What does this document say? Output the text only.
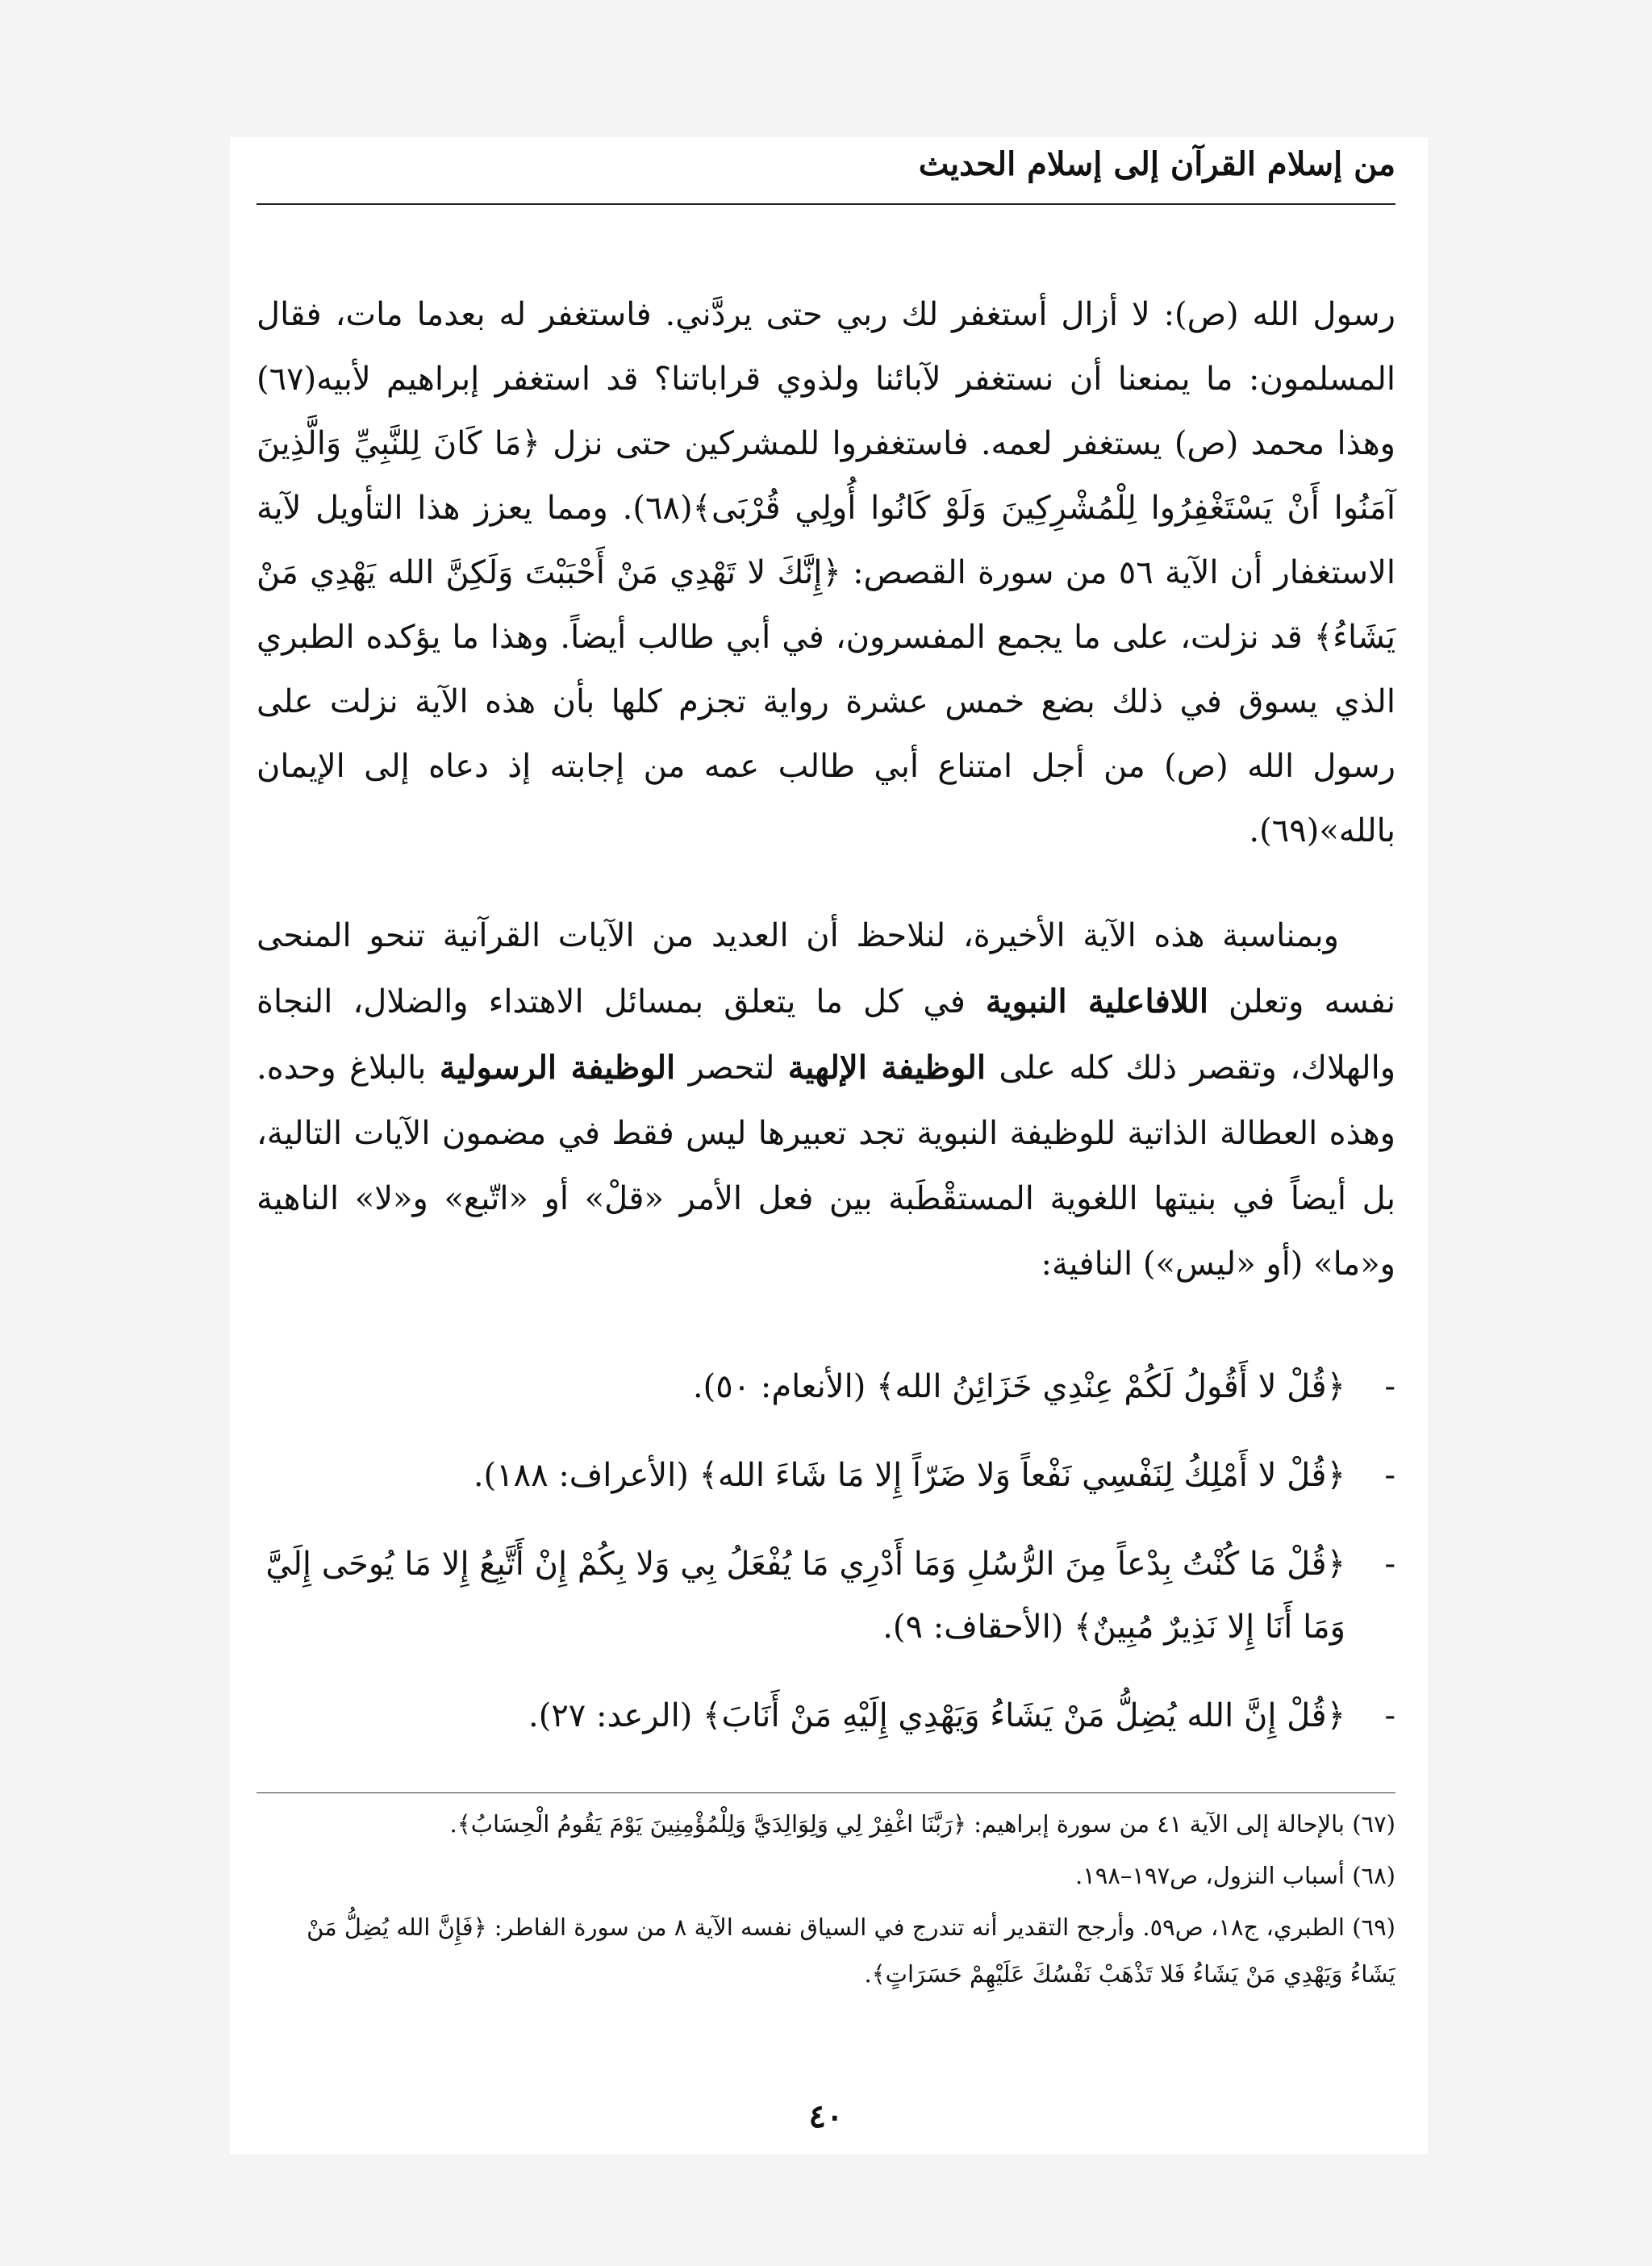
من إسلام القرآن إلى إسلام الحديث

رسول الله (ص): لا أزال أستغفر لك ربي حتى يردَّني. فاستغفر له بعدما مات، فقال المسلمون: ما يمنعنا أن نستغفر لآبائنا ولذوي قراباتنا؟ قد استغفر إبراهيم لأبيه(٦٧) وهذا محمد (ص) يستغفر لعمه. فاستغفروا للمشركين حتى نزل ﴿مَا كَانَ لِلنَّبِيِّ وَالَّذِينَ آمَنُوا أَنْ يَسْتَغْفِرُوا لِلْمُشْرِكِينَ وَلَوْ كَانُوا أُولِي قُرْبَى﴾(٦٨). ومما يعزز هذا التأويل لآية الاستغفار أن الآية ٥٦ من سورة القصص: ﴿إِنَّكَ لا تَهْدِي مَنْ أَحْبَبْتَ وَلَكِنَّ الله يَهْدِي مَنْ يَشَاءُ﴾ قد نزلت، على ما يجمع المفسرون، في أبي طالب أيضاً. وهذا ما يؤكده الطبري الذي يسوق في ذلك بضع خمس عشرة رواية تجزم كلها بأن هذه الآية نزلت على رسول الله (ص) من أجل امتناع أبي طالب عمه من إجابته إذ دعاه إلى الإيمان بالله»(٦٩).

وبمناسبة هذه الآية الأخيرة، لنلاحظ أن العديد من الآيات القرآنية تنحو المنحى نفسه وتعلن اللافاعلية النبوية في كل ما يتعلق بمسائل الاهتداء والضلال، النجاة والهلاك، وتقصر ذلك كله على الوظيفة الإلهية لتحصر الوظيفة الرسولية بالبلاغ وحده. وهذه العطالة الذاتية للوظيفة النبوية تجد تعبيرها ليس فقط في مضمون الآيات التالية، بل أيضاً في بنيتها اللغوية المستقْطَبة بين فعل الأمر «قلْ» أو «اتّبع» و«لا» الناهية و«ما» (أو «ليس») النافية:

-
﴿قُلْ لا أَقُولُ لَكُمْ عِنْدِي خَزَائِنُ الله﴾ (الأنعام: ٥٠).
-
﴿قُلْ لا أَمْلِكُ لِنَفْسِي نَفْعاً وَلا ضَرّاً إِلا مَا شَاءَ الله﴾ (الأعراف: ١٨٨).
-
﴿قُلْ مَا كُنْتُ بِدْعاً مِنَ الرُّسُلِ وَمَا أَدْرِي مَا يُفْعَلُ بِي وَلا بِكُمْ إِنْ أَتَّبِعُ إِلا مَا يُوحَى إِلَيَّ وَمَا أَنَا إِلا نَذِيرٌ مُبِينٌ﴾ (الأحقاف: ٩).
-
﴿قُلْ إِنَّ الله يُضِلُّ مَنْ يَشَاءُ وَيَهْدِي إِلَيْهِ مَنْ أَنَابَ﴾ (الرعد: ٢٧).

(٦٧) بالإحالة إلى الآية ٤١ من سورة إبراهيم: ﴿رَبَّنَا اغْفِرْ لِي وَلِوَالِدَيَّ وَلِلْمُؤْمِنِينَ يَوْمَ يَقُومُ الْحِسَابُ﴾.

(٦٨) أسباب النزول، ص١٩٧–١٩٨.

(٦٩) الطبري، ج١٨، ص٥٩. وأرجح التقدير أنه تندرج في السياق نفسه الآية ٨ من سورة الفاطر: ﴿فَإِنَّ الله يُضِلُّ مَنْ يَشَاءُ وَيَهْدِي مَنْ يَشَاءُ فَلا تَذْهَبْ نَفْسُكَ عَلَيْهِمْ حَسَرَاتٍ﴾.

٤٠
